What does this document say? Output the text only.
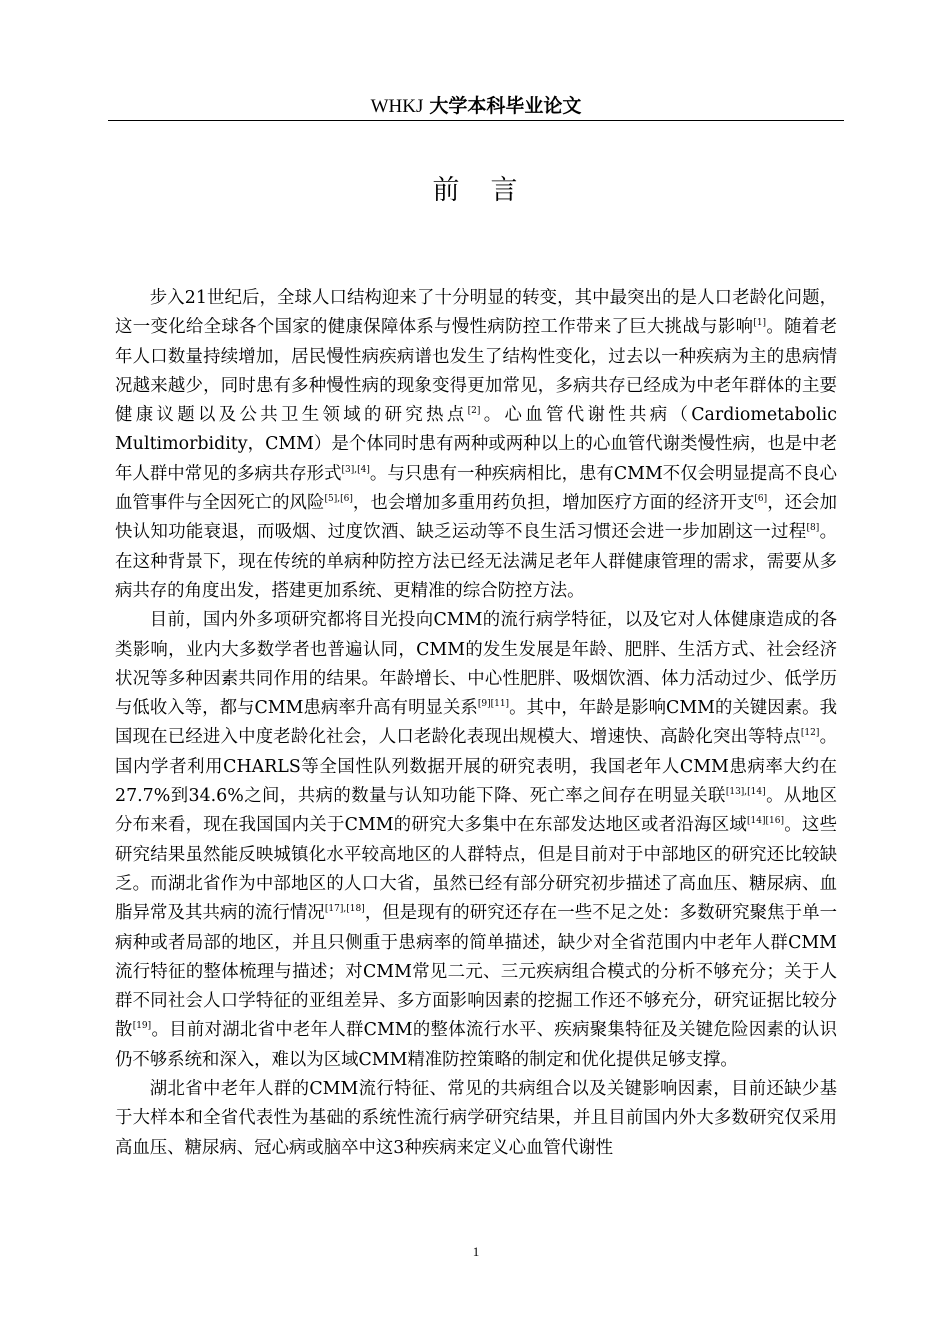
WHKJ 大学本科毕业论文
前　言

步入21世纪后，全球人口结构迎来了十分明显的转变，其中最突出的是人口老龄化问题，这一变化给全球各个国家的健康保障体系与慢性病防控工作带来了巨大挑战与影响[1]。随着老年人口数量持续增加，居民慢性病疾病谱也发生了结构性变化，过去以一种疾病为主的患病情况越来越少，同时患有多种慢性病的现象变得更加常见，多病共存已经成为中老年群体的主要健康议题以及公共卫生领域的研究热点[2]。心血管代谢性共病（Cardiometabolic Multimorbidity，CMM）是个体同时患有两种或两种以上的心血管代谢类慢性病，也是中老年人群中常见的多病共存形式[3],[4]。与只患有一种疾病相比，患有CMM不仅会明显提高不良心血管事件与全因死亡的风险[5],[6]，也会增加多重用药负担，增加医疗方面的经济开支[6]，还会加快认知功能衰退，而吸烟、过度饮酒、缺乏运动等不良生活习惯还会进一步加剧这一过程[8]。在这种背景下，现在传统的单病种防控方法已经无法满足老年人群健康管理的需求，需要从多病共存的角度出发，搭建更加系统、更精准的综合防控方法。

目前，国内外多项研究都将目光投向CMM的流行病学特征，以及它对人体健康造成的各类影响，业内大多数学者也普遍认同，CMM的发生发展是年龄、肥胖、生活方式、社会经济状况等多种因素共同作用的结果。年龄增长、中心性肥胖、吸烟饮酒、体力活动过少、低学历与低收入等，都与CMM患病率升高有明显关系[9][11]。其中，年龄是影响CMM的关键因素。我国现在已经进入中度老龄化社会，人口老龄化表现出规模大、增速快、高龄化突出等特点[12]。国内学者利用CHARLS等全国性队列数据开展的研究表明，我国老年人CMM患病率大约在27.7%到34.6%之间，共病的数量与认知功能下降、死亡率之间存在明显关联[13],[14]。从地区分布来看，现在我国国内关于CMM的研究大多集中在东部发达地区或者沿海区域[14][16]。这些研究结果虽然能反映城镇化水平较高地区的人群特点，但是目前对于中部地区的研究还比较缺乏。而湖北省作为中部地区的人口大省，虽然已经有部分研究初步描述了高血压、糖尿病、血脂异常及其共病的流行情况[17],[18]，但是现有的研究还存在一些不足之处：多数研究聚焦于单一病种或者局部的地区，并且只侧重于患病率的简单描述，缺少对全省范围内中老年人群CMM流行特征的整体梳理与描述；对CMM常见二元、三元疾病组合模式的分析不够充分；关于人群不同社会人口学特征的亚组差异、多方面影响因素的挖掘工作还不够充分，研究证据比较分散[19]。目前对湖北省中老年人群CMM的整体流行水平、疾病聚集特征及关键危险因素的认识仍不够系统和深入，难以为区域CMM精准防控策略的制定和优化提供足够支撑。

湖北省中老年人群的CMM流行特征、常见的共病组合以及关键影响因素，目前还缺少基于大样本和全省代表性为基础的系统性流行病学研究结果，并且目前国内外大多数研究仅采用高血压、糖尿病、冠心病或脑卒中这3种疾病来定义心血管代谢性

1
